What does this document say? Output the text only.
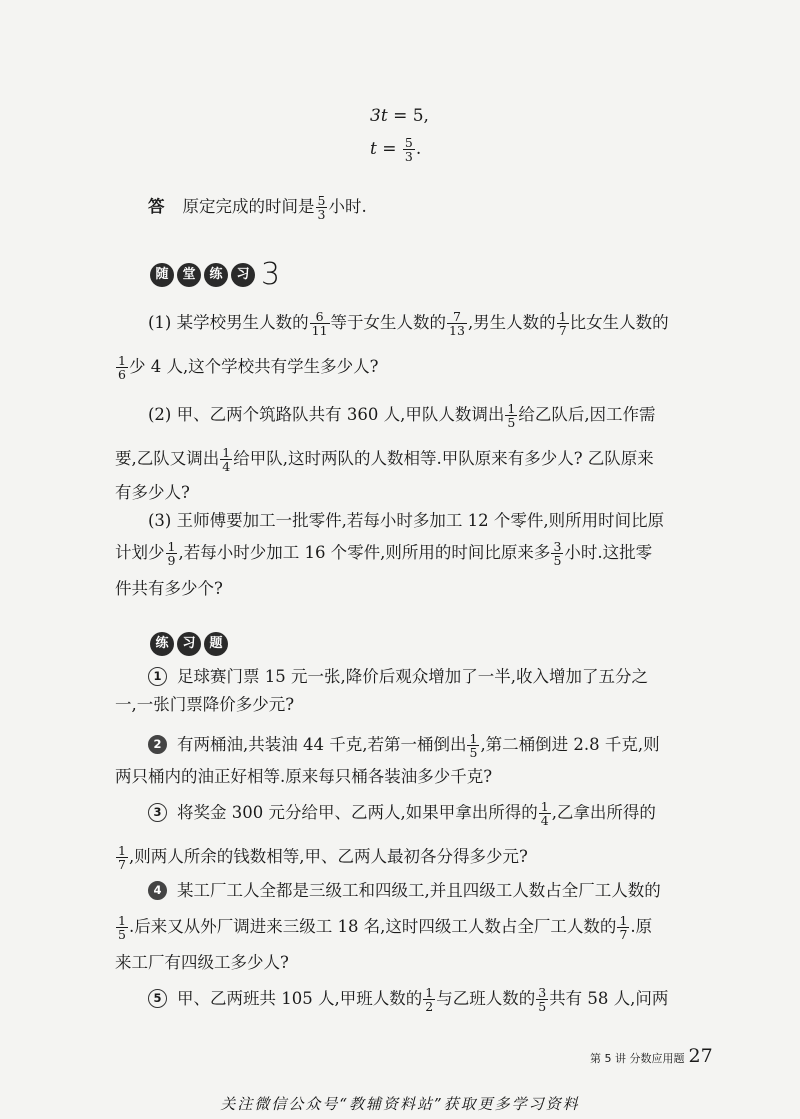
3t = 5,
$t = \frac{5}{3}$ .
答 原定完成的时间是 $\frac{5}{3}$ 小时.
随	堂	练	习 3
(1) 某学校男生人数的 $\frac{6}{11}$ 等于女生人数的 $\frac{7}{13}$ ,男生人数的 $\frac{1}{7}$ 比女生人数的
$\frac{1}{6}$ 少 4 人,这个学校共有学生多少人?
(2) 甲、乙两个筑路队共有 360 人,甲队人数调出 $\frac{1}{5}$ 给乙队后,因工作需
要,乙队又调出 $\frac{1}{4}$ 给甲队,这时两队的人数相等.甲队原来有多少人? 乙队原来
有多少人?
(3) 王师傅要加工一批零件,若每小时多加工 12 个零件,则所用时间比原
计划少 $\frac{1}{9}$ ,若每小时少加工 16 个零件,则所用的时间比原来多 $\frac{3}{5}$ 小时.这批零
件共有多少个?
练	习	题
1 足球赛门票 15 元一张,降价后观众增加了一半,收入增加了五分之
一,一张门票降价多少元?
2 有两桶油,共装油 44 千克,若第一桶倒出 $\frac{1}{5}$ ,第二桶倒进 2.8 千克,则
两只桶内的油正好相等.原来每只桶各装油多少千克?
3 将奖金 300 元分给甲、乙两人,如果甲拿出所得的 $\frac{1}{4}$ ,乙拿出所得的
$\frac{1}{7}$ ,则两人所余的钱数相等,甲、乙两人最初各分得多少元?
4 某工厂工人全都是三级工和四级工,并且四级工人数占全厂工人数的
$\frac{1}{5}$ .后来又从外厂调进来三级工 18 名,这时四级工人数占全厂工人数的 $\frac{1}{7}$ .原
来工厂有四级工多少人?
5 甲、乙两班共 105 人,甲班人数的 $\frac{1}{2}$ 与乙班人数的 $\frac{3}{5}$ 共有 58 人,问两
第 5 讲 分数应用题 27
关注微信公众号“教辅资料站”获取更多学习资料
